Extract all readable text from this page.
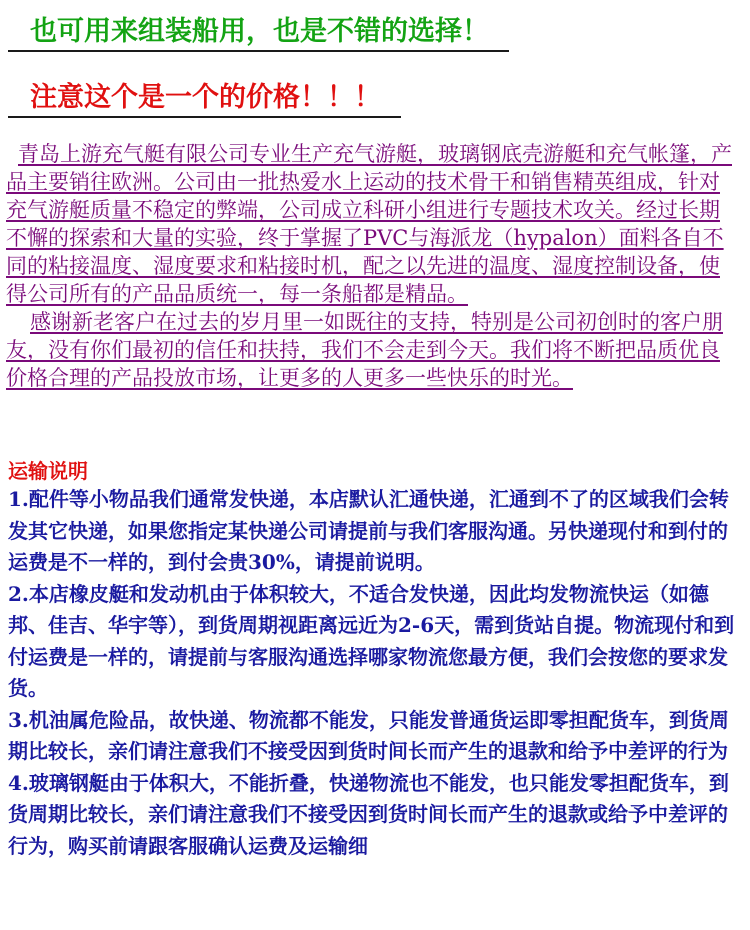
也可用来组装船用，也是不错的选择！
注意这个是一个的价格！！！

青岛上游充气艇有限公司专业生产充气游艇，玻璃钢底壳游艇和充气帐篷，产品主要销往欧洲。公司由一批热爱水上运动的技术骨干和销售精英组成，针对充气游艇质量不稳定的弊端，公司成立科研小组进行专题技术攻关。经过长期不懈的探索和大量的实验，终于掌握了PVC与海派龙（hypalon）面料各自不同的粘接温度、湿度要求和粘接时机，配之以先进的温度、湿度控制设备，使得公司所有的产品品质统一，每一条船都是精品。

感谢新老客户在过去的岁月里一如既往的支持，特别是公司初创时的客户朋友，没有你们最初的信任和扶持，我们不会走到今天。我们将不断把品质优良价格合理的产品投放市场，让更多的人更多一些快乐的时光。

运输说明

1.配件等小物品我们通常发快递，本店默认汇通快递，汇通到不了的区域我们会转发其它快递，如果您指定某快递公司请提前与我们客服沟通。另快递现付和到付的运费是不一样的，到付会贵30%，请提前说明。

2.本店橡皮艇和发动机由于体积较大，不适合发快递，因此均发物流快运（如德邦、佳吉、华宇等），到货周期视距离远近为2-6天，需到货站自提。物流现付和到付运费是一样的，请提前与客服沟通选择哪家物流您最方便，我们会按您的要求发货。

3.机油属危险品，故快递、物流都不能发，只能发普通货运即零担配货车，到货周期比较长，亲们请注意我们不接受因到货时间长而产生的退款和给予中差评的行为

4.玻璃钢艇由于体积大，不能折叠，快递物流也不能发，也只能发零担配货车，到货周期比较长，亲们请注意我们不接受因到货时间长而产生的退款或给予中差评的行为，购买前请跟客服确认运费及运输细
